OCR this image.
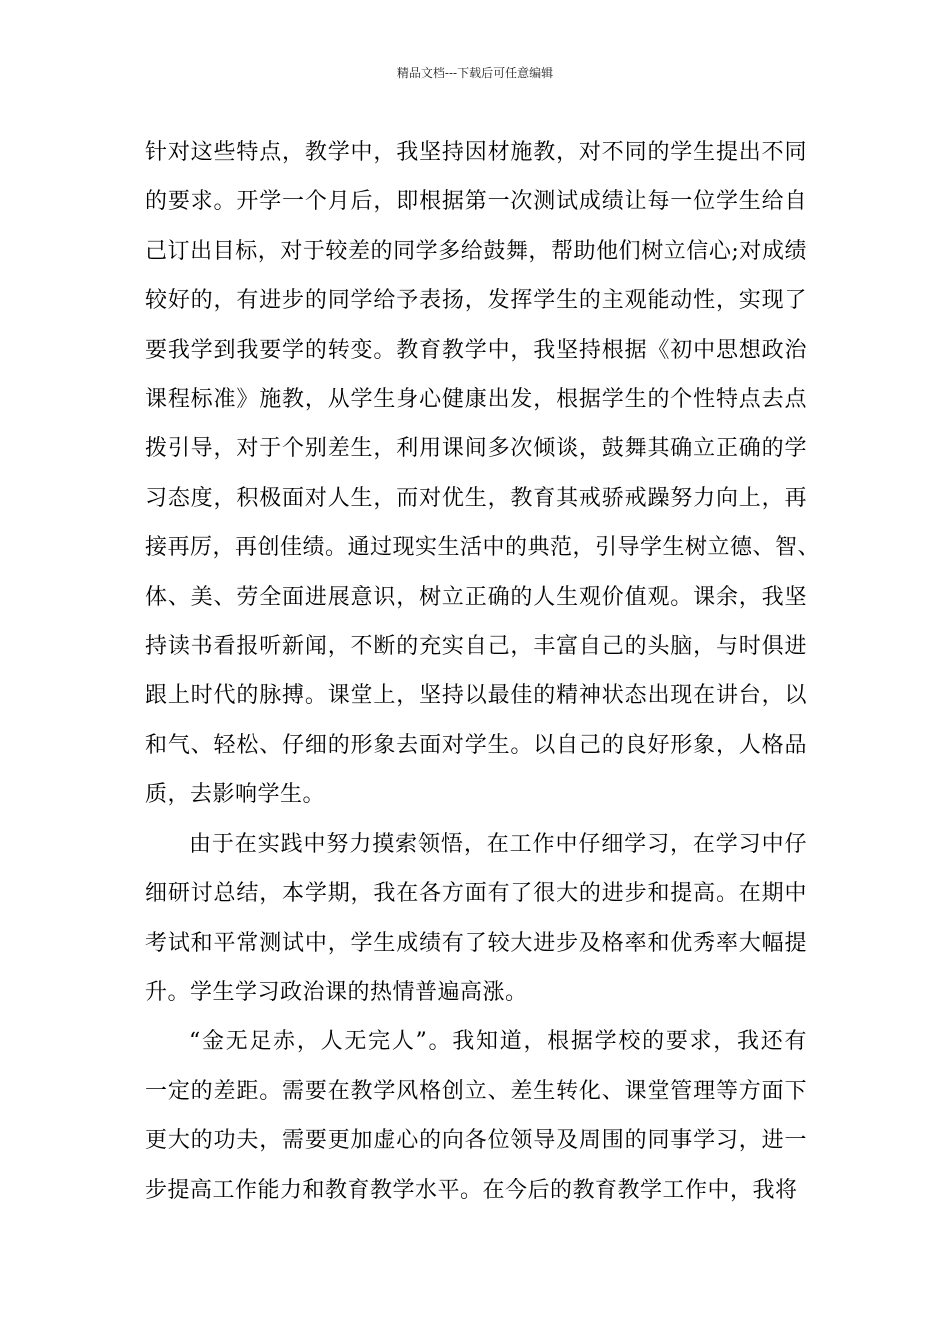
精品文档---下载后可任意编辑
针对这些特点，教学中，我坚持因材施教，对不同的学生提出不同
的要求。开学一个月后，即根据第一次测试成绩让每一位学生给自
己订出目标，对于较差的同学多给鼓舞，帮助他们树立信心;对成绩
较好的，有进步的同学给予表扬，发挥学生的主观能动性，实现了
要我学到我要学的转变。教育教学中，我坚持根据《初中思想政治
课程标准》施教，从学生身心健康出发，根据学生的个性特点去点
拨引导，对于个别差生，利用课间多次倾谈，鼓舞其确立正确的学
习态度，积极面对人生，而对优生，教育其戒骄戒躁努力向上，再
接再厉，再创佳绩。通过现实生活中的典范，引导学生树立德、智、
体、美、劳全面进展意识，树立正确的人生观价值观。课余，我坚
持读书看报听新闻，不断的充实自己，丰富自己的头脑，与时俱进
跟上时代的脉搏。课堂上，坚持以最佳的精神状态出现在讲台，以
和气、轻松、仔细的形象去面对学生。以自己的良好形象，人格品
质，去影响学生。
由于在实践中努力摸索领悟，在工作中仔细学习，在学习中仔
细研讨总结，本学期，我在各方面有了很大的进步和提高。在期中
考试和平常测试中，学生成绩有了较大进步及格率和优秀率大幅提
升。学生学习政治课的热情普遍高涨。
“金无足赤，人无完人”。我知道，根据学校的要求，我还有
一定的差距。需要在教学风格创立、差生转化、课堂管理等方面下
更大的功夫，需要更加虚心的向各位领导及周围的同事学习，进一
步提高工作能力和教育教学水平。在今后的教育教学工作中，我将
